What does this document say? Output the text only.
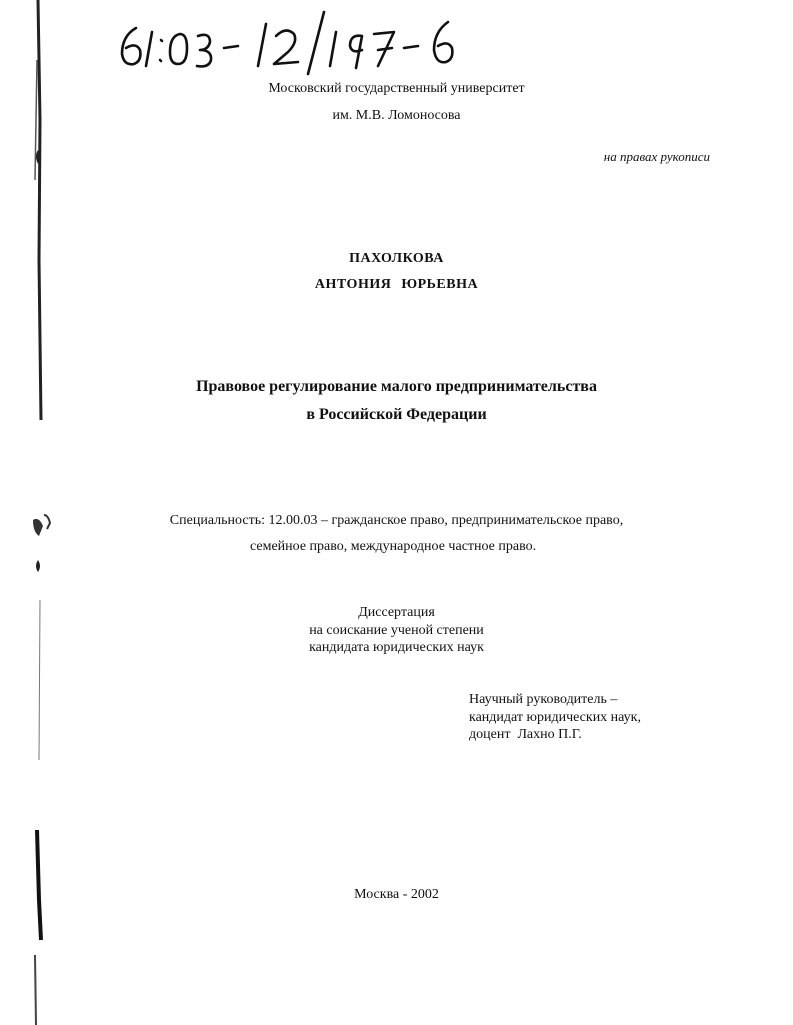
Московский государственный университет
им. М.В. Ломоносова
на правах рукописи
ПАХОЛКОВА
АНТОНИЯ ЮРЬЕВНА
Правовое регулирование малого предпринимательства
в Российской Федерации
Специальность: 12.00.03 – гражданское право, предпринимательское право,
семейное право, международное частное право.
Диссертация
на соискание ученой степени
кандидата юридических наук
Научный руководитель –
кандидат юридических наук,
доцент  Лахно П.Г.
Москва - 2002
